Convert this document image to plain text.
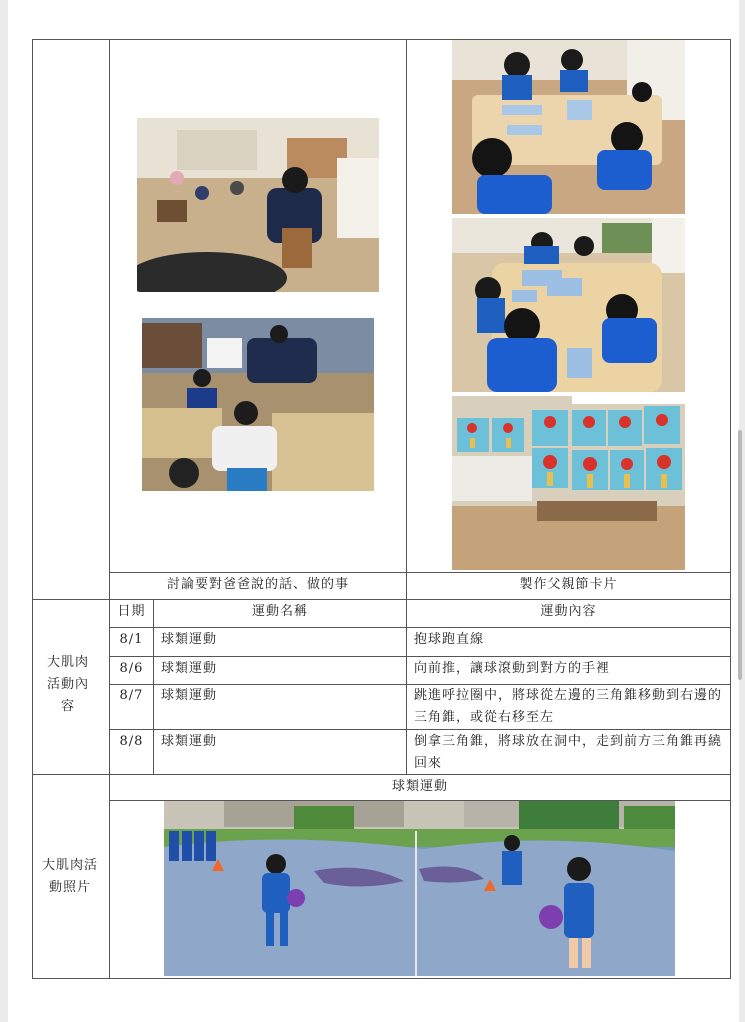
討論要對爸爸說的話、做的事	製作父親節卡片
大肌肉活動內容
日期	運動名稱	運動內容
8/1	球類運動	抱球跑直線
8/6	球類運動	向前推，讓球滾動到對方的手裡
8/7	球類運動	跳進呼拉圈中，將球從左邊的三角錐移動到右邊的三角錐，或從右移至左
8/8	球類運動	倒拿三角錐，將球放在洞中，走到前方三角錐再繞回來
大肌肉活動照片
球類運動
